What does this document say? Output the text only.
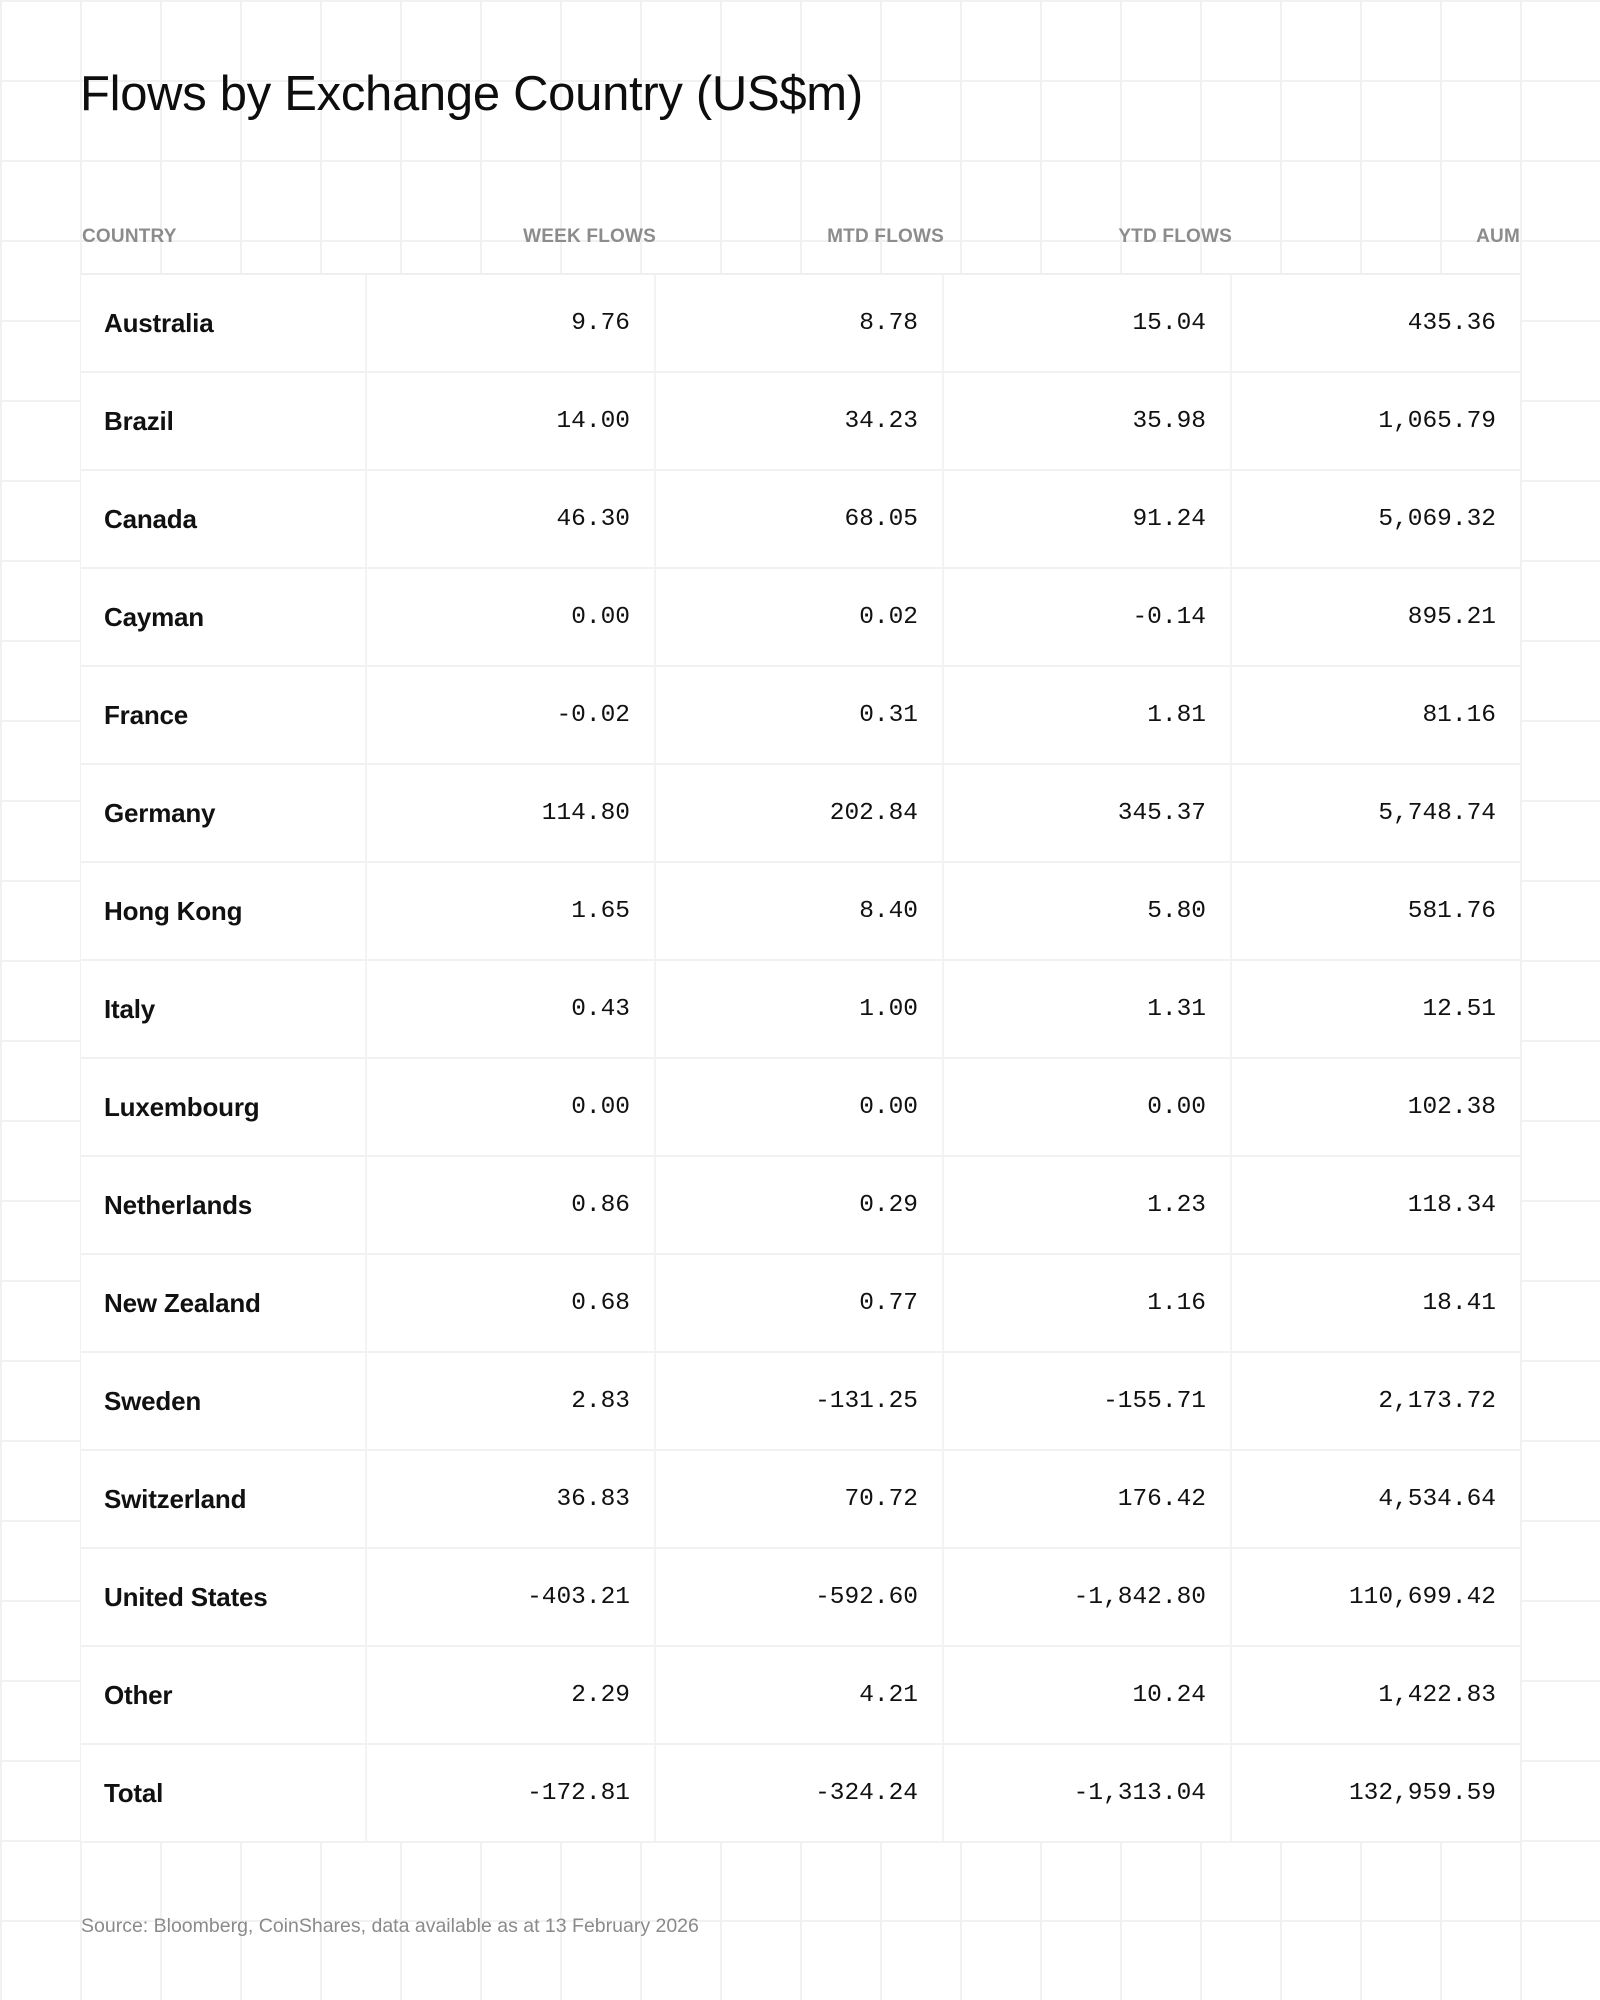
Flows by Exchange Country (US$m)
COUNTRY	WEEK FLOWS	MTD FLOWS	YTD FLOWS	AUM
Australia	9.76	8.78	15.04	435.36
Brazil	14.00	34.23	35.98	1,065.79
Canada	46.30	68.05	91.24	5,069.32
Cayman	0.00	0.02	-0.14	895.21
France	-0.02	0.31	1.81	81.16
Germany	114.80	202.84	345.37	5,748.74
Hong Kong	1.65	8.40	5.80	581.76
Italy	0.43	1.00	1.31	12.51
Luxembourg	0.00	0.00	0.00	102.38
Netherlands	0.86	0.29	1.23	118.34
New Zealand	0.68	0.77	1.16	18.41
Sweden	2.83	-131.25	-155.71	2,173.72
Switzerland	36.83	70.72	176.42	4,534.64
United States	-403.21	-592.60	-1,842.80	110,699.42
Other	2.29	4.21	10.24	1,422.83
Total	-172.81	-324.24	-1,313.04	132,959.59
Source: Bloomberg, CoinShares, data available as at 13 February 2026
